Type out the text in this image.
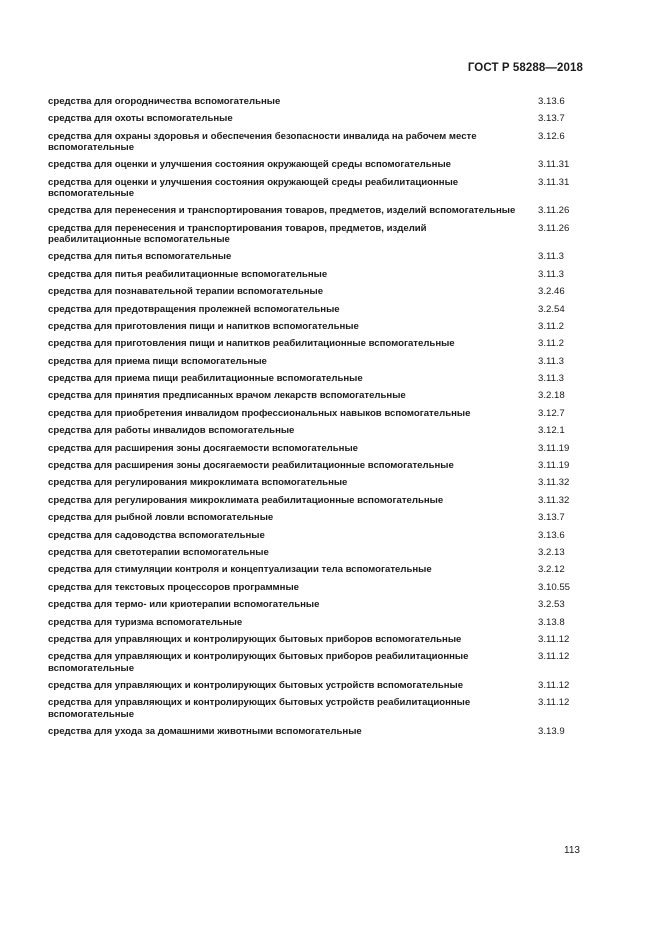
ГОСТ Р 58288—2018
средства для огородничества вспомогательные	3.13.6
средства для охоты вспомогательные	3.13.7
средства для охраны здоровья и обеспечения безопасности инвалида на рабочем месте вспомогательные
3.12.6
средства для оценки и улучшения состояния окружающей среды вспомогательные	3.11.31
средства для оценки и улучшения состояния окружающей среды реабилитационные вспомогательные
3.11.31
средства для перенесения и транспортирования товаров, предметов, изделий вспомогательные 3.11.26
средства для перенесения и транспортирования товаров, предметов, изделий реабилитационные вспомогательные
3.11.26
средства для питья вспомогательные	3.11.3
средства для питья реабилитационные вспомогательные	3.11.3
средства для познавательной терапии вспомогательные	3.2.46
средства для предотвращения пролежней вспомогательные	3.2.54
средства для приготовления пищи и напитков вспомогательные	3.11.2
средства для приготовления пищи и напитков реабилитационные вспомогательные	3.11.2
средства для приема пищи вспомогательные	3.11.3
средства для приема пищи реабилитационные вспомогательные	3.11.3
средства для принятия предписанных врачом лекарств вспомогательные	3.2.18
средства для приобретения инвалидом профессиональных навыков вспомогательные	3.12.7
средства для работы инвалидов вспомогательные	3.12.1
средства для расширения зоны досягаемости вспомогательные	3.11.19
средства для расширения зоны досягаемости реабилитационные вспомогательные	3.11.19
средства для регулирования микроклимата вспомогательные	3.11.32
средства для регулирования микроклимата реабилитационные вспомогательные	3.11.32
средства для рыбной ловли вспомогательные	3.13.7
средства для садоводства вспомогательные	3.13.6
средства для светотерапии вспомогательные	3.2.13
средства для стимуляции контроля и концептуализации тела вспомогательные	3.2.12
средства для текстовых процессоров программные	3.10.55
средства для термо- или криотерапии вспомогательные	3.2.53
средства для туризма вспомогательные	3.13.8
средства для управляющих и контролирующих бытовых приборов вспомогательные	3.11.12
средства для управляющих и контролирующих бытовых приборов реабилитационные вспомогательные
3.11.12
средства для управляющих и контролирующих бытовых устройств вспомогательные	3.11.12
средства для управляющих и контролирующих бытовых устройств реабилитационные вспомогательные
3.11.12
средства для ухода за домашними животными вспомогательные	3.13.9
113
